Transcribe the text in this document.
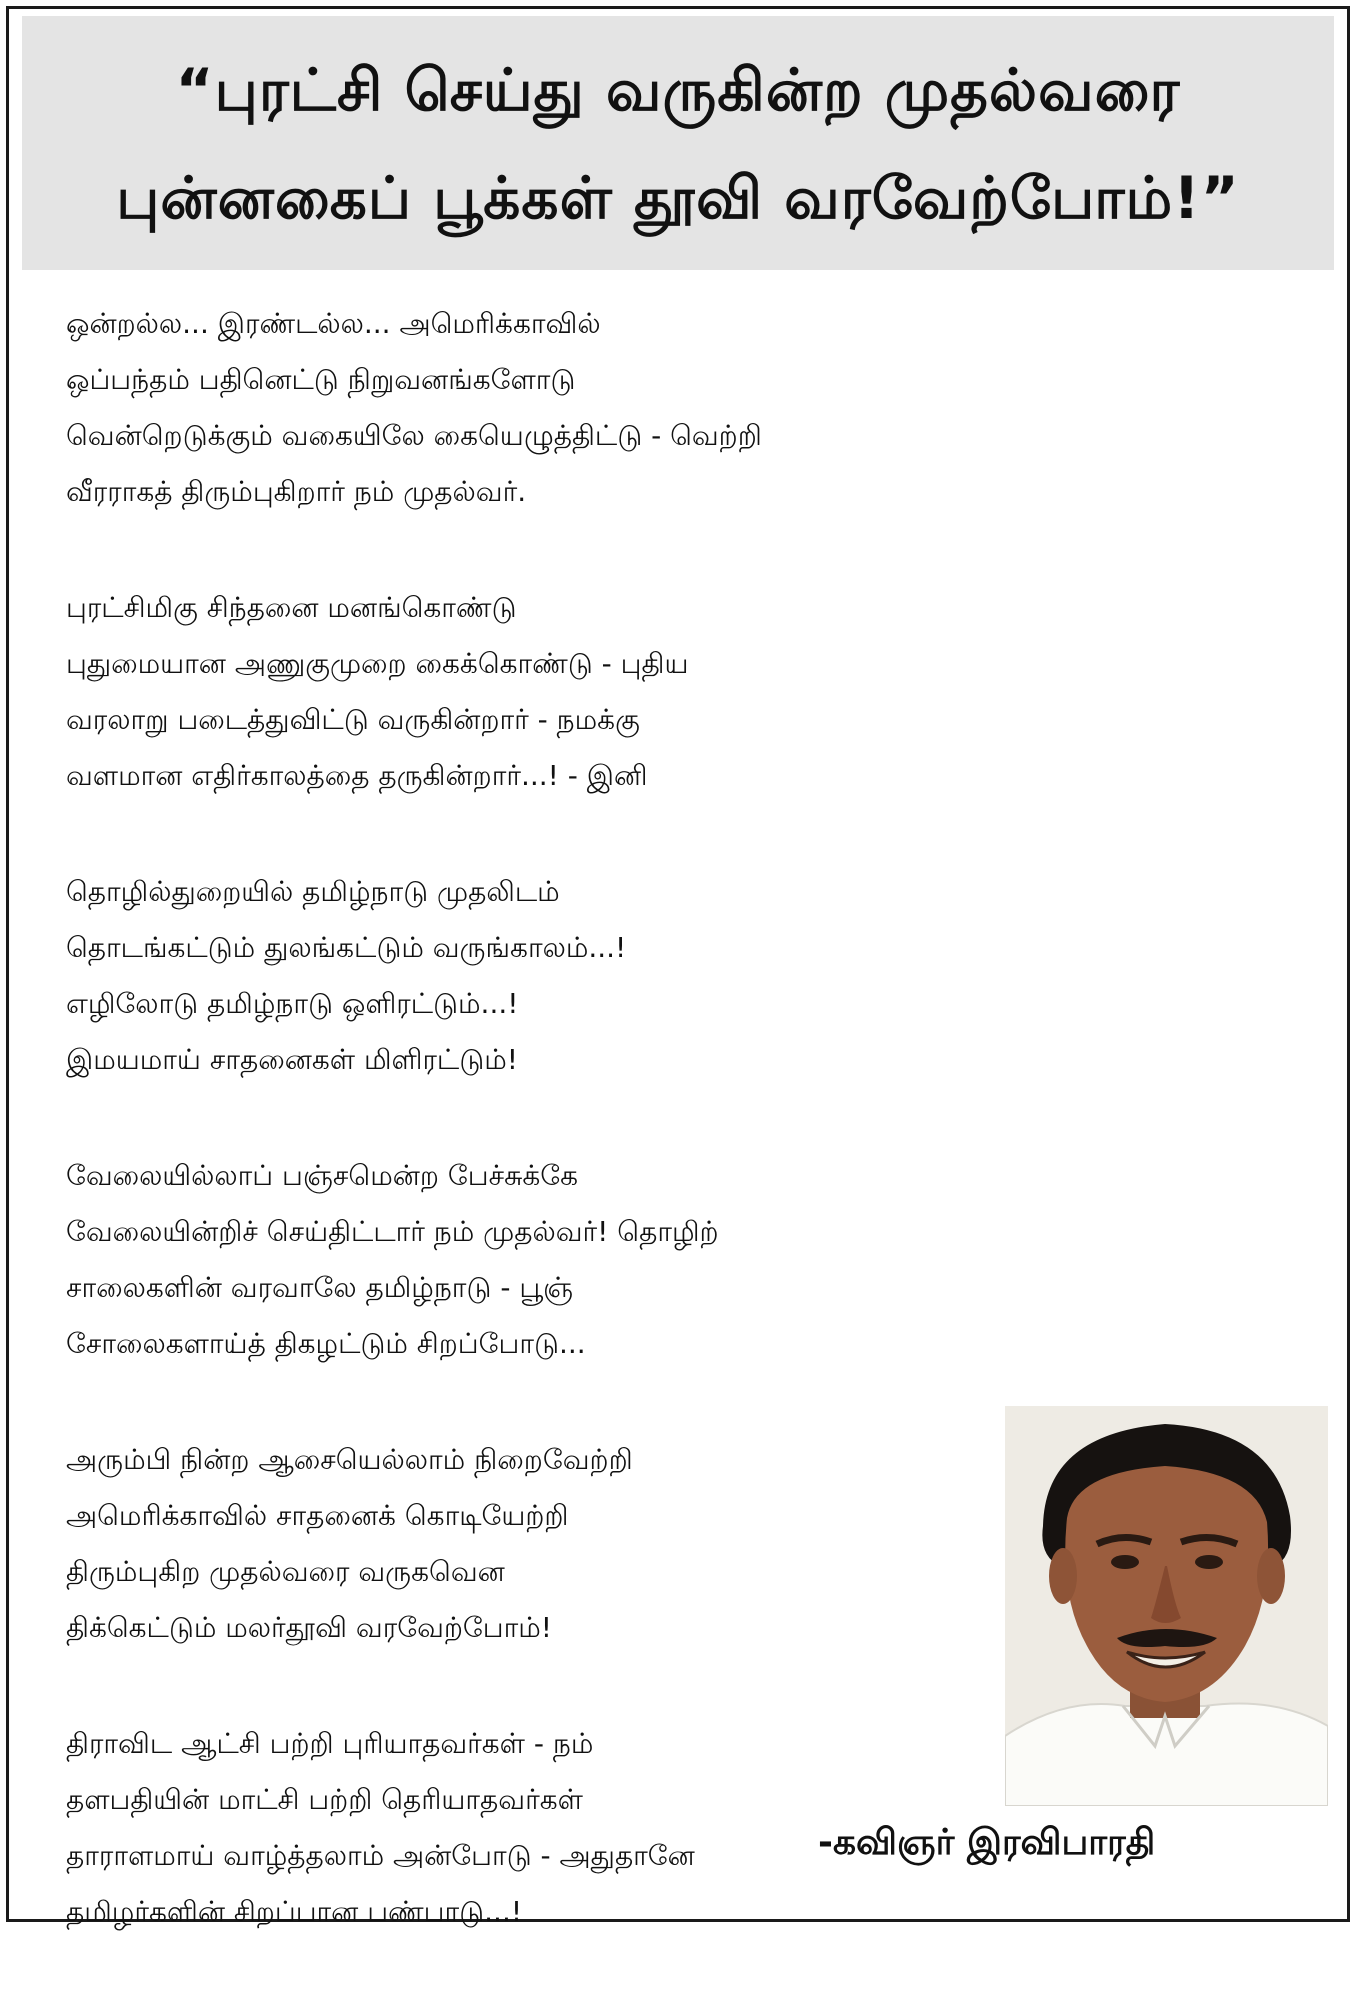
“புரட்சி செய்து வருகின்ற முதல்வரை
புன்னகைப் பூக்கள் தூவி வரவேற்போம்!”
ஒன்றல்ல... இரண்டல்ல... அமெரிக்காவில்
ஒப்பந்தம் பதினெட்டு நிறுவனங்களோடு
வென்றெடுக்கும் வகையிலே கையெழுத்திட்டு - வெற்றி
வீரராகத் திரும்புகிறார் நம் முதல்வர்.
புரட்சிமிகு சிந்தனை மனங்கொண்டு
புதுமையான அணுகுமுறை கைக்கொண்டு - புதிய
வரலாறு படைத்துவிட்டு வருகின்றார் - நமக்கு
வளமான எதிர்காலத்தை தருகின்றார்...! - இனி
தொழில்துறையில் தமிழ்நாடு முதலிடம்
தொடங்கட்டும் துலங்கட்டும் வருங்காலம்...!
எழிலோடு தமிழ்நாடு ஒளிரட்டும்...!
இமயமாய் சாதனைகள் மிளிரட்டும்!
வேலையில்லாப் பஞ்சமென்ற பேச்சுக்கே
வேலையின்றிச் செய்திட்டார் நம் முதல்வர்! தொழிற்
சாலைகளின் வரவாலே தமிழ்நாடு - பூஞ்
சோலைகளாய்த் திகழட்டும் சிறப்போடு...
அரும்பி நின்ற ஆசையெல்லாம் நிறைவேற்றி
அமெரிக்காவில் சாதனைக் கொடியேற்றி
திரும்புகிற முதல்வரை வருகவென
திக்கெட்டும் மலர்தூவி வரவேற்போம்!
திராவிட ஆட்சி பற்றி புரியாதவர்கள் - நம்
தளபதியின் மாட்சி பற்றி தெரியாதவர்கள்
தாராளமாய் வாழ்த்தலாம் அன்போடு - அதுதானே
தமிழர்களின் சிறப்பான பண்பாடு...!
-கவிஞர் இரவிபாரதி
